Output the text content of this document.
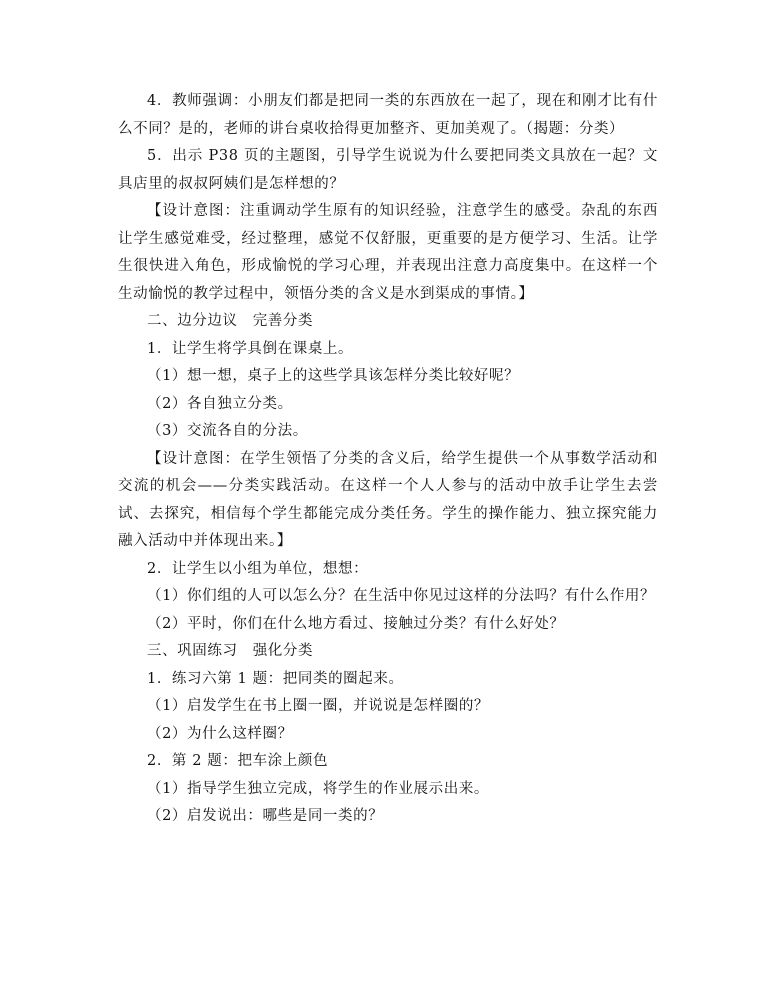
4．教师强调：小朋友们都是把同一类的东西放在一起了，现在和刚才比有什么不同？是的，老师的讲台桌收拾得更加整齐、更加美观了。（揭题：分类）

5．出示 P38 页的主题图，引导学生说说为什么要把同类文具放在一起？文具店里的叔叔阿姨们是怎样想的？

【设计意图：注重调动学生原有的知识经验，注意学生的感受。杂乱的东西让学生感觉难受，经过整理，感觉不仅舒服，更重要的是方便学习、生活。让学生很快进入角色，形成愉悦的学习心理，并表现出注意力高度集中。在这样一个生动愉悦的教学过程中，领悟分类的含义是水到渠成的事情。】

二、边分边议　完善分类

1．让学生将学具倒在课桌上。

（1）想一想，桌子上的这些学具该怎样分类比较好呢？

（2）各自独立分类。

（3）交流各自的分法。

【设计意图：在学生领悟了分类的含义后，给学生提供一个从事数学活动和交流的机会——分类实践活动。在这样一个人人参与的活动中放手让学生去尝试、去探究，相信每个学生都能完成分类任务。学生的操作能力、独立探究能力融入活动中并体现出来。】

2．让学生以小组为单位，想想：

（1）你们组的人可以怎么分？在生活中你见过这样的分法吗？有什么作用？

（2）平时，你们在什么地方看过、接触过分类？有什么好处？

三、巩固练习　强化分类

1．练习六第 1 题：把同类的圈起来。

（1）启发学生在书上圈一圈，并说说是怎样圈的？

（2）为什么这样圈？

2．第 2 题：把车涂上颜色

（1）指导学生独立完成，将学生的作业展示出来。

（2）启发说出：哪些是同一类的？
